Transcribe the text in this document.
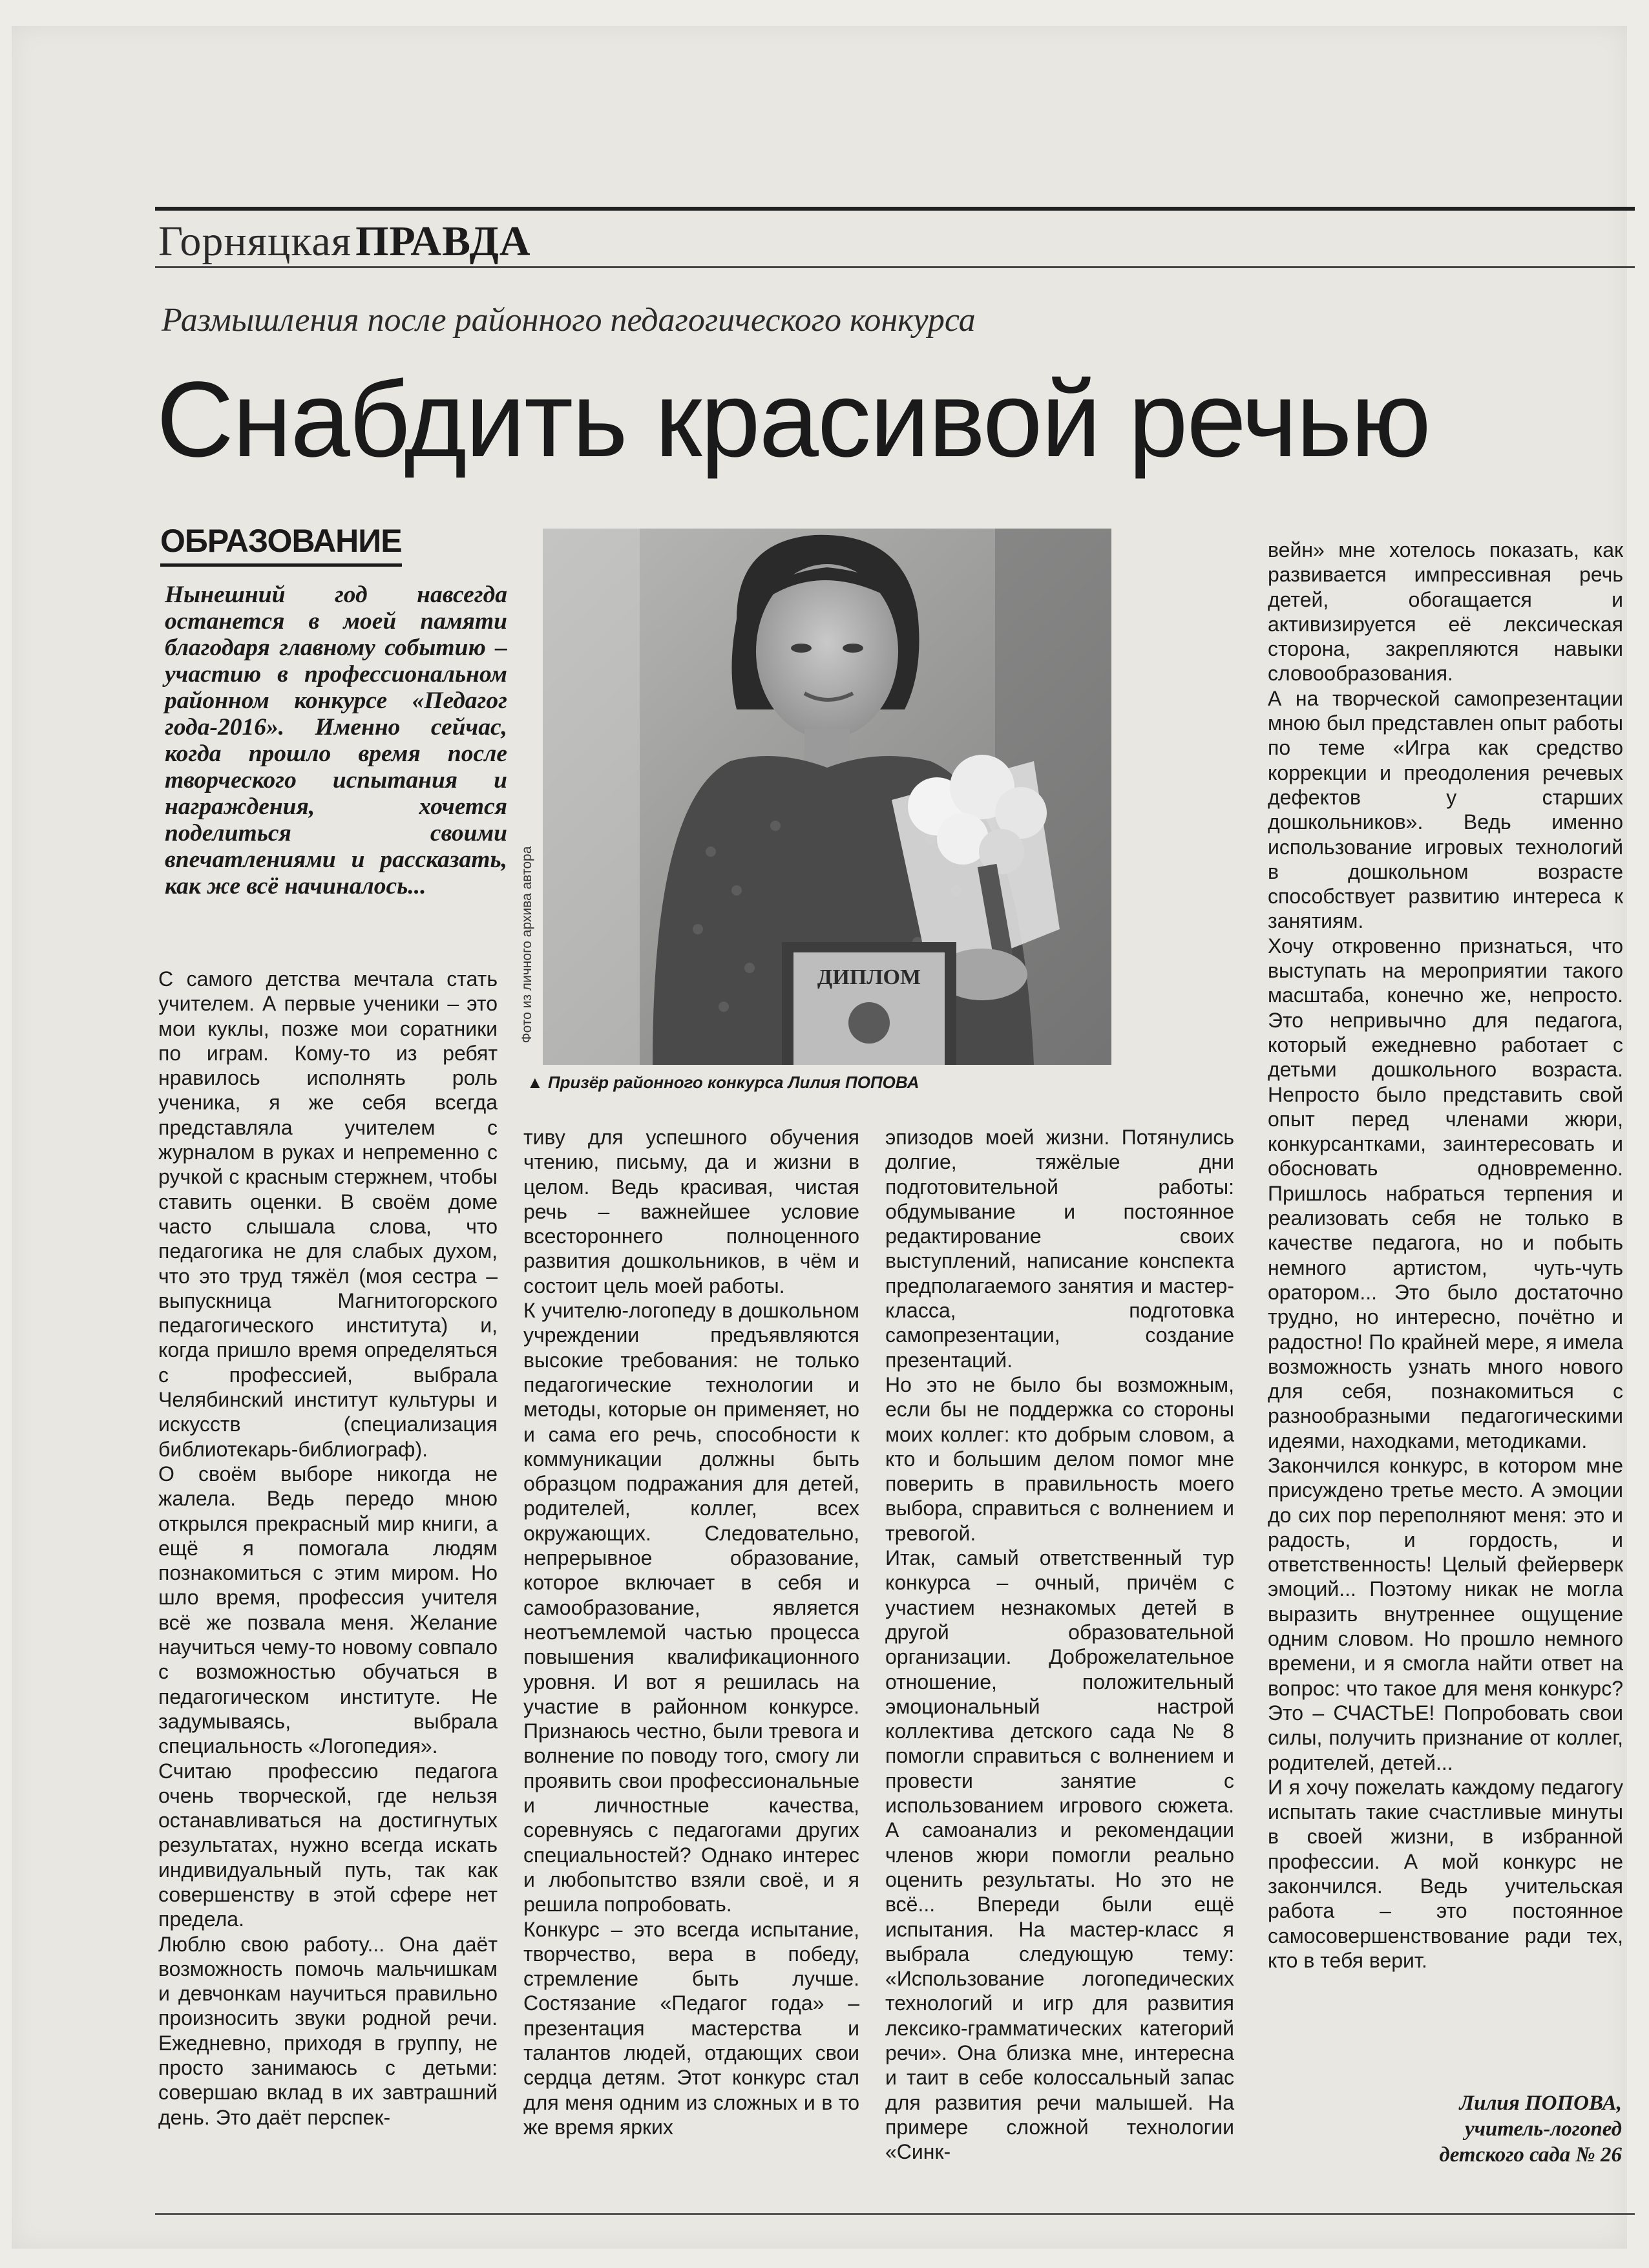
Горняцкая ПРАВДА
Размышления после районного педагогического конкурса
Снабдить красивой речью
ОБРАЗОВАНИЕ
Нынешний год навсегда останется в моей памяти благодаря главному событию – участию в профессиональном районном конкурсе «Педагог года-2016». Именно сейчас, когда прошло время после творческого испытания и награждения, хочется поделиться своими впечатлениями и рассказать, как же всё начиналось...	Фото из личного архива автора	ДИПЛОМ
▲ Призёр районного конкурса Лилия ПОПОВА
С самого детства мечтала стать учителем. А первые ученики – это мои куклы, позже мои соратники по играм. Кому-то из ребят нравилось исполнять роль ученика, я же себя всегда представляла учителем с журналом в руках и непременно с ручкой с красным стержнем, чтобы ставить оценки. В своём доме часто слышала слова, что педагогика не для слабых духом, что это труд тяжёл (моя сестра – выпускница Магнитогорского педагогического института) и, когда пришло время определяться с профессией, выбрала Челябинский институт культуры и искусств (специализация библиотекарь-библиограф).
О своём выборе никогда не жалела. Ведь передо мною открылся прекрасный мир книги, а ещё я помогала людям познакомиться с этим миром. Но шло время, профессия учителя всё же позвала меня. Желание научиться чему-то новому совпало с возможностью обучаться в педагогическом институте. Не задумываясь, выбрала специальность «Логопедия».
Считаю профессию педагога очень творческой, где нельзя останавливаться на достигнутых результатах, нужно всегда искать индивидуальный путь, так как совершенству в этой сфере нет предела.
Люблю свою работу... Она даёт возможность помочь мальчишкам и девчонкам научиться правильно произносить звуки родной речи. Ежедневно, приходя в группу, не просто занимаюсь с детьми: совершаю вклад в их завтрашний день. Это даёт перспек-
тиву для успешного обучения чтению, письму, да и жизни в целом. Ведь красивая, чистая речь – важнейшее условие всестороннего полноценного развития дошкольников, в чём и состоит цель моей работы.
К учителю-логопеду в дошкольном учреждении предъявляются высокие требования: не только педагогические технологии и методы, которые он применяет, но и сама его речь, способности к коммуникации должны быть образцом подражания для детей, родителей, коллег, всех окружающих. Следовательно, непрерывное образование, которое включает в себя и самообразование, является неотъемлемой частью процесса повышения квалификационного уровня. И вот я решилась на участие в районном конкурсе. Признаюсь честно, были тревога и волнение по поводу того, смогу ли проявить свои профессиональные и личностные качества, соревнуясь с педагогами других специальностей? Однако интерес и любопытство взяли своё, и я решила попробовать.
Конкурс – это всегда испытание, творчество, вера в победу, стремление быть лучше. Состязание «Педагог года» – презентация мастерства и талантов людей, отдающих свои сердца детям. Этот конкурс стал для меня одним из сложных и в то же время ярких
эпизодов моей жизни. Потянулись долгие, тяжёлые дни подготовительной работы: обдумывание и постоянное редактирование своих выступлений, написание конспекта предполагаемого занятия и мастер-класса, подготовка самопрезентации, создание презентаций.
Но это не было бы возможным, если бы не поддержка со стороны моих коллег: кто добрым словом, а кто и большим делом помог мне поверить в правильность моего выбора, справиться с волнением и тревогой.
Итак, самый ответственный тур конкурса – очный, причём с участием незнакомых детей в другой образовательной организации. Доброжелательное отношение, положительный эмоциональный настрой коллектива детского сада № 8 помогли справиться с волнением и провести занятие с использованием игрового сюжета. А самоанализ и рекомендации членов жюри помогли реально оценить результаты. Но это не всё... Впереди были ещё испытания. На мастер-класс я выбрала следующую тему: «Использование логопедических технологий и игр для развития лексико-грамматических категорий речи». Она близка мне, интересна и таит в себе колоссальный запас для развития речи малышей. На примере сложной технологии «Синк-
вейн» мне хотелось показать, как развивается импрессивная речь детей, обогащается и активизируется её лексическая сторона, закрепляются навыки словообразования.
А на творческой самопрезентации мною был представлен опыт работы по теме «Игра как средство коррекции и преодоления речевых дефектов у старших дошкольников». Ведь именно использование игровых технологий в дошкольном возрасте способствует развитию интереса к занятиям.
Хочу откровенно признаться, что выступать на мероприятии такого масштаба, конечно же, непросто. Это непривычно для педагога, который ежедневно работает с детьми дошкольного возраста. Непросто было представить свой опыт перед членами жюри, конкурсантками, заинтересовать и обосновать одновременно. Пришлось набраться терпения и реализовать себя не только в качестве педагога, но и побыть немного артистом, чуть-чуть оратором... Это было достаточно трудно, но интересно, почётно и радостно! По крайней мере, я имела возможность узнать много нового для себя, познакомиться с разнообразными педагогическими идеями, находками, методиками.
Закончился конкурс, в котором мне присуждено третье место. А эмоции до сих пор переполняют меня: это и радость, и гордость, и ответственность! Целый фейерверк эмоций... Поэтому никак не могла выразить внутреннее ощущение одним словом. Но прошло немного времени, и я смогла найти ответ на вопрос: что такое для меня конкурс? Это – СЧАСТЬЕ! Попробовать свои силы, получить признание от коллег, родителей, детей...
И я хочу пожелать каждому педагогу испытать такие счастливые минуты в своей жизни, в избранной профессии. А мой конкурс не закончился. Ведь учительская работа – это постоянное самосовершенствование ради тех, кто в тебя верит.
Лилия ПОПОВА,
учитель-логопед
детского сада № 26
